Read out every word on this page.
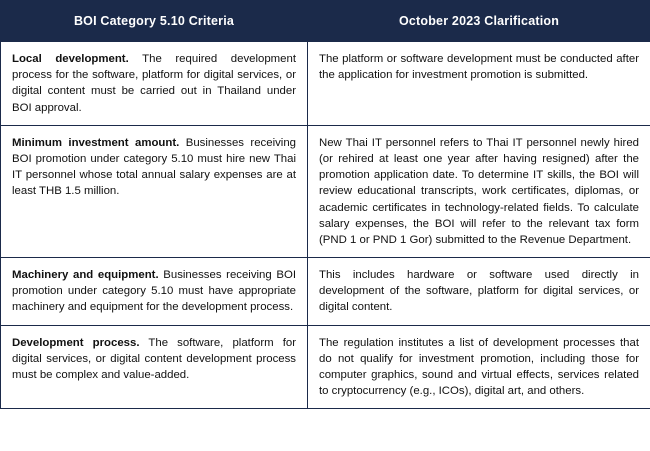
BOI Category 5.10 Criteria	October 2023 Clarification
Local development. The required development process for the software, platform for digital services, or digital content must be carried out in Thailand under BOI approval.	The platform or software development must be conducted after the application for investment promotion is submitted.
Minimum investment amount. Businesses receiving BOI promotion under category 5.10 must hire new Thai IT personnel whose total annual salary expenses are at least THB 1.5 million.	New Thai IT personnel refers to Thai IT personnel newly hired (or rehired at least one year after having resigned) after the promotion application date. To determine IT skills, the BOI will review educational transcripts, work certificates, diplomas, or academic certificates in technology-related fields. To calculate salary expenses, the BOI will refer to the relevant tax form (PND 1 or PND 1 Gor) submitted to the Revenue Department.
Machinery and equipment. Businesses receiving BOI promotion under category 5.10 must have appropriate machinery and equipment for the development process.	This includes hardware or software used directly in development of the software, platform for digital services, or digital content.
Development process. The software, platform for digital services, or digital content development process must be complex and value-added.	The regulation institutes a list of development processes that do not qualify for investment promotion, including those for computer graphics, sound and virtual effects, services related to cryptocurrency (e.g., ICOs), digital art, and others.
